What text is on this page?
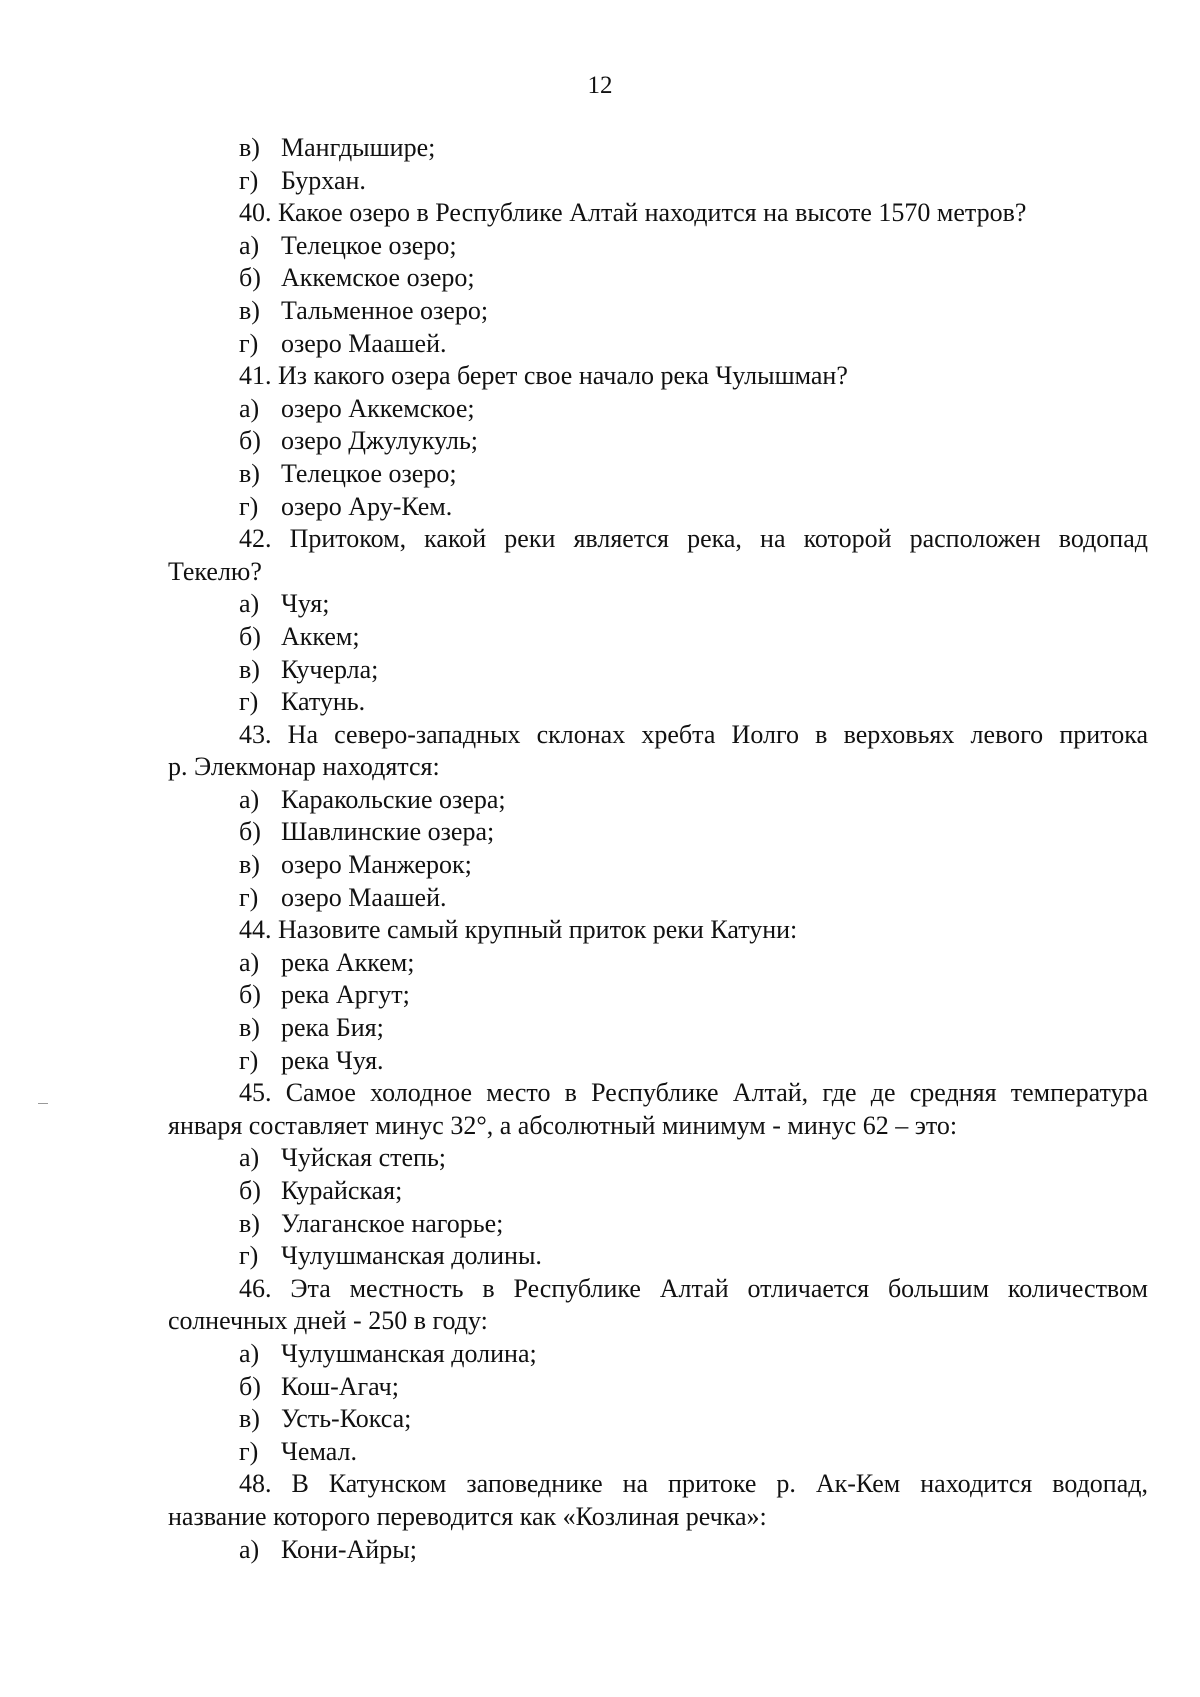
12
в) Мангдышире;
г) Бурхан.
40. Какое озеро в Республике Алтай находится на высоте 1570 метров?
а) Телецкое озеро;
б) Аккемское озеро;
в) Тальменное озеро;
г) озеро Маашей.
41. Из какого озера берет свое начало река Чулышман?
а) озеро Аккемское;
б) озеро Джулукуль;
в) Телецкое озеро;
г) озеро Ару-Кем.
42. Притоком, какой реки является река, на которой расположен водопад
Текелю?
а) Чуя;
б) Аккем;
в) Кучерла;
г) Катунь.
43. На северо-западных склонах хребта Иолго в верховьях левого притока
р. Элекмонар находятся:
а) Каракольские озера;
б) Шавлинские озера;
в) озеро Манжерок;
г) озеро Маашей.
44. Назовите самый крупный приток реки Катуни:
а) река Аккем;
б) река Аргут;
в) река Бия;
г) река Чуя.
45. Самое холодное место в Республике Алтай, где де средняя температура
января составляет минус 32°, а абсолютный минимум - минус 62 – это:
а) Чуйская степь;
б) Курайская;
в) Улаганское нагорье;
г) Чулушманская долины.
46. Эта местность в Республике Алтай отличается большим количеством
солнечных дней - 250 в году:
а) Чулушманская долина;
б) Кош-Агач;
в) Усть-Кокса;
г) Чемал.
48. В Катунском заповеднике на притоке р. Ак-Кем находится водопад,
название которого переводится как «Козлиная речка»:
а) Кони-Айры;
